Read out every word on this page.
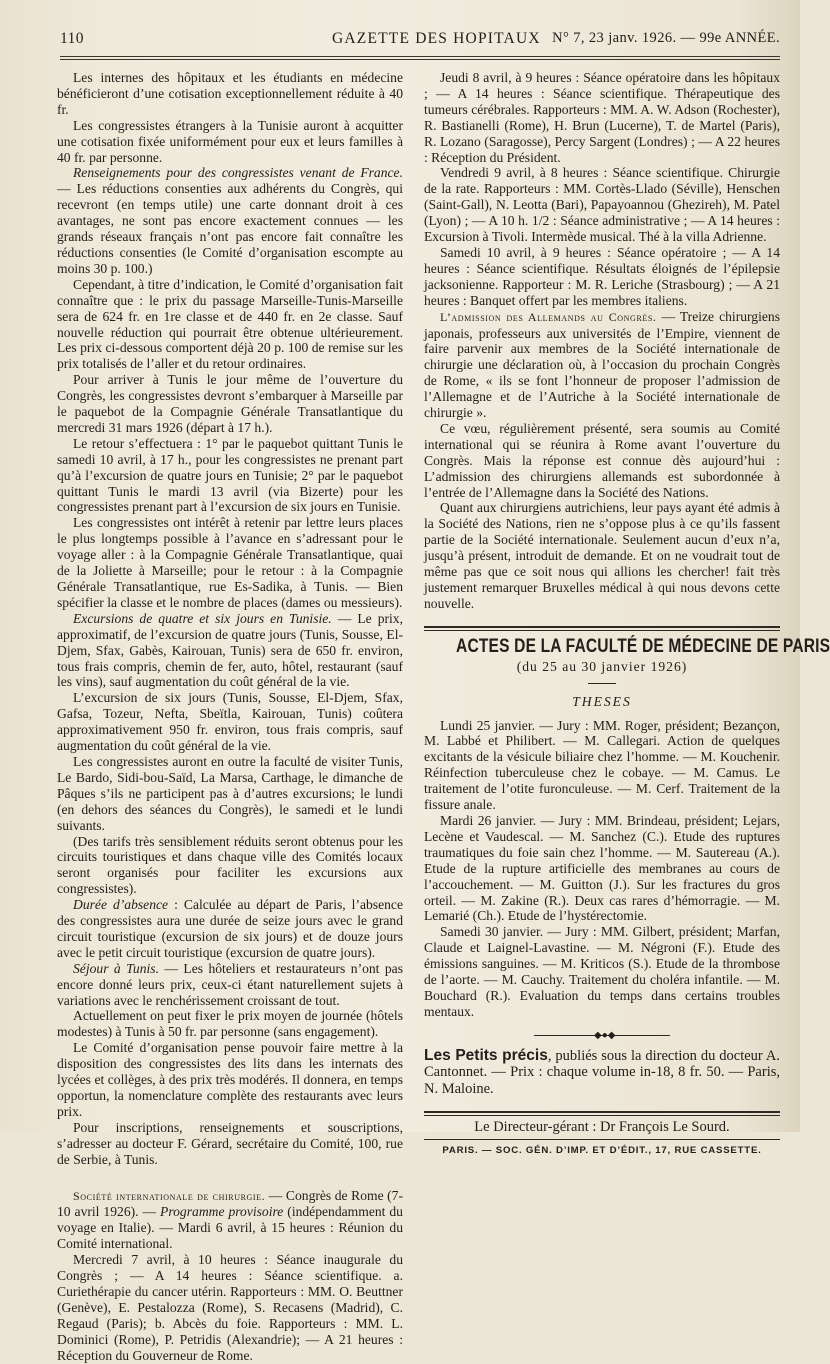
110	GAZETTE DES HOPITAUX N° 7, 23 janv. 1926. — 99e ANNÉE.

Les internes des hôpitaux et les étudiants en médecine bénéficieront d’une cotisation exceptionnellement réduite à 40 fr.

Les congressistes étrangers à la Tunisie auront à acquitter une cotisation fixée uniformément pour eux et leurs familles à 40 fr. par personne.

Renseignements pour des congressistes venant de France. — Les réductions consenties aux adhérents du Congrès, qui recevront (en temps utile) une carte donnant droit à ces avantages, ne sont pas encore exactement connues — les grands réseaux français n’ont pas encore fait connaître les réductions consenties (le Comité d’organisation escompte au moins 30 p. 100.)

Cependant, à titre d’indication, le Comité d’organisation fait connaître que : le prix du passage Marseille-Tunis-Marseille sera de 624 fr. en 1re classe et de 440 fr. en 2e classe. Sauf nouvelle réduction qui pourrait être obtenue ultérieurement. Les prix ci-dessous comportent déjà 20 p. 100 de remise sur les prix totalisés de l’aller et du retour ordinaires.

Pour arriver à Tunis le jour même de l’ouverture du Congrès, les congressistes devront s’embarquer à Marseille par le paquebot de la Compagnie Générale Transatlantique du mercredi 31 mars 1926 (départ à 17 h.).

Le retour s’effectuera : 1° par le paquebot quittant Tunis le samedi 10 avril, à 17 h., pour les congressistes ne prenant part qu’à l’excursion de quatre jours en Tunisie; 2° par le paquebot quittant Tunis le mardi 13 avril (via Bizerte) pour les congressistes prenant part à l’excursion de six jours en Tunisie.

Les congressistes ont intérêt à retenir par lettre leurs places le plus longtemps possible à l’avance en s’adressant pour le voyage aller : à la Compagnie Générale Transatlantique, quai de la Joliette à Marseille; pour le retour : à la Compagnie Générale Transatlantique, rue Es-Sadika, à Tunis. — Bien spécifier la classe et le nombre de places (dames ou messieurs).

Excursions de quatre et six jours en Tunisie. — Le prix, approximatif, de l’excursion de quatre jours (Tunis, Sousse, El-Djem, Sfax, Gabès, Kairouan, Tunis) sera de 650 fr. environ, tous frais compris, chemin de fer, auto, hôtel, restaurant (sauf les vins), sauf augmentation du coût général de la vie.

L’excursion de six jours (Tunis, Sousse, El-Djem, Sfax, Gafsa, Tozeur, Nefta, Sbeïtla, Kairouan, Tunis) coûtera approximativement 950 fr. environ, tous frais compris, sauf augmentation du coût général de la vie.

Les congressistes auront en outre la faculté de visiter Tunis, Le Bardo, Sidi-bou-Saïd, La Marsa, Carthage, le dimanche de Pâques s’ils ne participent pas à d’autres excursions; le lundi (en dehors des séances du Congrès), le samedi et le lundi suivants.

(Des tarifs très sensiblement réduits seront obtenus pour les circuits touristiques et dans chaque ville des Comités locaux seront organisés pour faciliter les excursions aux congressistes).

Durée d’absence : Calculée au départ de Paris, l’absence des congressistes aura une durée de seize jours avec le grand circuit touristique (excursion de six jours) et de douze jours avec le petit circuit touristique (excursion de quatre jours).

Séjour à Tunis. — Les hôteliers et restaurateurs n’ont pas encore donné leurs prix, ceux-ci étant naturellement sujets à variations avec le renchérissement croissant de tout.

Actuellement on peut fixer le prix moyen de journée (hôtels modestes) à Tunis à 50 fr. par personne (sans engagement).

Le Comité d’organisation pense pouvoir faire mettre à la disposition des congressistes des lits dans les internats des lycées et collèges, à des prix très modérés. Il donnera, en temps opportun, la nomenclature complète des restaurants avec leurs prix.

Pour inscriptions, renseignements et souscriptions, s’adresser au docteur F. Gérard, secrétaire du Comité, 100, rue de Serbie, à Tunis.

Société internationale de chirurgie. — Congrès de Rome (7-10 avril 1926). — Programme provisoire (indépendamment du voyage en Italie). — Mardi 6 avril, à 15 heures : Réunion du Comité international.

Mercredi 7 avril, à 10 heures : Séance inaugurale du Congrès ; — A 14 heures : Séance scientifique. a. Curiethérapie du cancer utérin. Rapporteurs : MM. O. Beuttner (Genève), E. Pestalozza (Rome), S. Recasens (Madrid), C. Regaud (Paris); b. Abcès du foie. Rapporteurs : MM. L. Dominici (Rome), P. Petridis (Alexandrie); — A 21 heures : Réception du Gouverneur de Rome.

Jeudi 8 avril, à 9 heures : Séance opératoire dans les hôpitaux ; — A 14 heures : Séance scientifique. Thérapeutique des tumeurs cérébrales. Rapporteurs : MM. A. W. Adson (Rochester), R. Bastianelli (Rome), H. Brun (Lucerne), T. de Martel (Paris), R. Lozano (Saragosse), Percy Sargent (Londres) ; — A 22 heures : Réception du Président.

Vendredi 9 avril, à 8 heures : Séance scientifique. Chirurgie de la rate. Rapporteurs : MM. Cortès-Llado (Séville), Henschen (Saint-Gall), N. Leotta (Bari), Papayoannou (Ghezireh), M. Patel (Lyon) ; — A 10 h. 1/2 : Séance administrative ; — A 14 heures : Excursion à Tivoli. Intermède musical. Thé à la villa Adrienne.

Samedi 10 avril, à 9 heures : Séance opératoire ; — A 14 heures : Séance scientifique. Résultats éloignés de l’épilepsie jacksonienne. Rapporteur : M. R. Leriche (Strasbourg) ; — A 21 heures : Banquet offert par les membres italiens.

L’admission des Allemands au Congrès. — Treize chirurgiens japonais, professeurs aux universités de l’Empire, viennent de faire parvenir aux membres de la Société internationale de chirurgie une déclaration où, à l’occasion du prochain Congrès de Rome, « ils se font l’honneur de proposer l’admission de l’Allemagne et de l’Autriche à la Société internationale de chirurgie ».

Ce vœu, régulièrement présenté, sera soumis au Comité international qui se réunira à Rome avant l’ouverture du Congrès. Mais la réponse est connue dès aujourd’hui : L’admission des chirurgiens allemands est subordonnée à l’entrée de l’Allemagne dans la Société des Nations.

Quant aux chirurgiens autrichiens, leur pays ayant été admis à la Société des Nations, rien ne s’oppose plus à ce qu’ils fassent partie de la Société internationale. Seulement aucun d’eux n’a, jusqu’à présent, introduit de demande. Et on ne voudrait tout de même pas que ce soit nous qui allions les chercher! fait très justement remarquer Bruxelles médical à qui nous devons cette nouvelle.

ACTES DE LA FACULTÉ DE MÉDECINE DE PARIS
(du 25 au 30 janvier 1926)
THESES

Lundi 25 janvier. — Jury : MM. Roger, président; Bezançon, M. Labbé et Philibert. — M. Callegari. Action de quelques excitants de la vésicule biliaire chez l’homme. — M. Kouchenir. Réinfection tuberculeuse chez le cobaye. — M. Camus. Le traitement de l’otite furonculeuse. — M. Cerf. Traitement de la fissure anale.

Mardi 26 janvier. — Jury : MM. Brindeau, président; Lejars, Lecène et Vaudescal. — M. Sanchez (C.). Etude des ruptures traumatiques du foie sain chez l’homme. — M. Sautereau (A.). Etude de la rupture artificielle des membranes au cours de l’accouchement. — M. Guitton (J.). Sur les fractures du gros orteil. — M. Zakine (R.). Deux cas rares d’hémorragie. — M. Lemarié (Ch.). Etude de l’hystérectomie.

Samedi 30 janvier. — Jury : MM. Gilbert, président; Marfan, Claude et Laignel-Lavastine. — M. Négroni (F.). Etude des émissions sanguines. — M. Kriticos (S.). Etude de la thrombose de l’aorte. — M. Cauchy. Traitement du choléra infantile. — M. Bouchard (R.). Evaluation du temps dans certains troubles mentaux.

◆●◆

Les Petits précis, publiés sous la direction du docteur A. Cantonnet. — Prix : chaque volume in-18, 8 fr. 50. — Paris, N. Maloine.

Le Directeur-gérant : Dr François Le Sourd.
PARIS. — SOC. GÉN. D’IMP. ET D’ÉDIT., 17, RUE CASSETTE.
